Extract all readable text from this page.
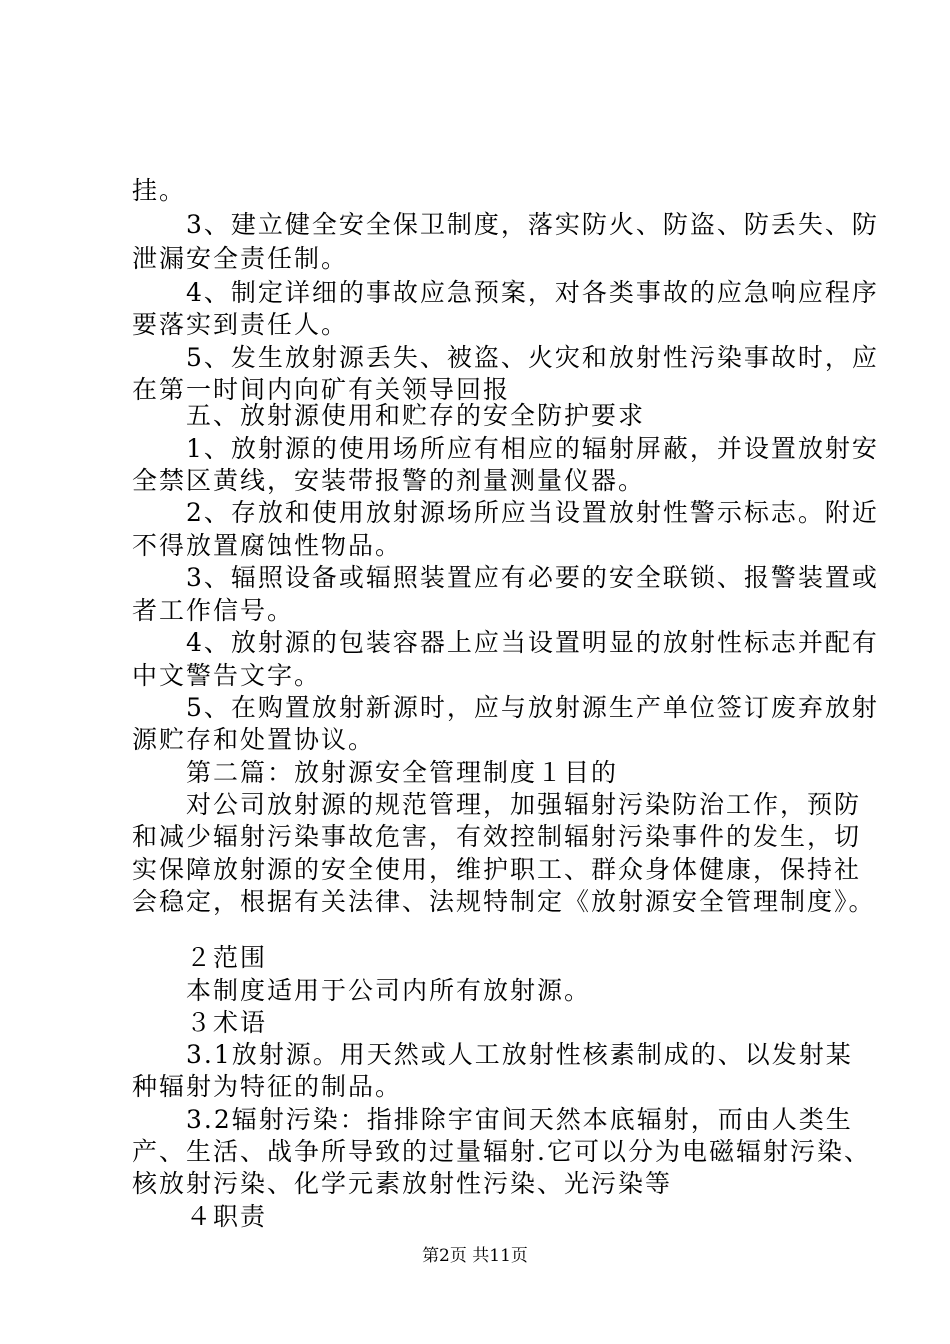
挂。
　　3、建立健全安全保卫制度，落实防火、防盗、防丢失、防
泄漏安全责任制。
　　4、制定详细的事故应急预案，对各类事故的应急响应程序
要落实到责任人。
　　5、发生放射源丢失、被盗、火灾和放射性污染事故时，应
在第一时间内向矿有关领导回报
　　五、放射源使用和贮存的安全防护要求
　　1、放射源的使用场所应有相应的辐射屏蔽，并设置放射安
全禁区黄线，安装带报警的剂量测量仪器。
　　2、存放和使用放射源场所应当设置放射性警示标志。附近
不得放置腐蚀性物品。
　　3、辐照设备或辐照装置应有必要的安全联锁、报警装置或
者工作信号。
　　4、放射源的包装容器上应当设置明显的放射性标志并配有
中文警告文字。
　　5、在购置放射新源时，应与放射源生产单位签订废弃放射
源贮存和处置协议。
　　第二篇：放射源安全管理制度１目的
　　对公司放射源的规范管理，加强辐射污染防治工作，预防
和减少辐射污染事故危害，有效控制辐射污染事件的发生，切
实保障放射源的安全使用，维护职工、群众身体健康，保持社
会稳定，根据有关法律、法规特制定《放射源安全管理制度》。
　　２范围
　　本制度适用于公司内所有放射源。
　　３术语
　　3.1放射源。用天然或人工放射性核素制成的、以发射某
种辐射为特征的制品。
　　3.2辐射污染：指排除宇宙间天然本底辐射，而由人类生
产、生活、战争所导致的过量辐射.它可以分为电磁辐射污染、
核放射污染、化学元素放射性污染、光污染等
　　４职责
第2页 共11页
